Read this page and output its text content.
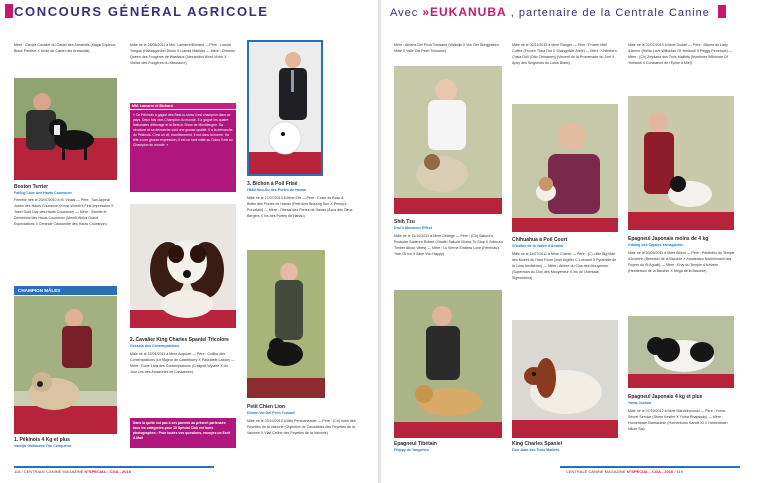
CONCOURS GÉNÉRAL AGRICOLE	Avec »EUKANUBA , partenaire de la Centrale Canine
Mère : Cleops Cavalier du Castel des Armandis (Magic Equinox Black Panther X Urbie du Castel des Armandis)
Boston Terrier
Falling Love des Hauts Couesnon
Femelle née le 20/07/2010 à M. Vinais — Père : San Appeal Junior des Hauts Couesnon (Kovic-Wondr's First Impression X Jubel Gold Day des Hauts Couesnon) — Mère : Sweilie et Demetrios des Hauts Couesnon (Merrill-Aloha Grand Expectations X Centrale Cassandre des Hauts Couesnon)
CHAMPION MÂLES
1. Pékinois 4 Kg et plus
Vandjiz Guillaume The Conqueror
Mâle né le 28/08/2011 à Mm. Lamarre/Bichard — Père : Lianda Yoegos (Habasgardon Deolo X Lianda Matilda) — Mère : Chinese Queen des Fougères de Wastiaux (Alexandroi Wont-Victor X Violice des Fougères du Minotaure)
MM. Lamarre et Bichard
« Ce Pékinois a gagné des Best-in-show il est champion dans ce pays. Deux fois vice-Champion du monde. Il a gagné les quatre Nationales d'élevage et la Best-in-Show de Montlieugne. Sa structure et sa démarche sont une grosse qualité. Il a la démarche du Pékinois. C'est un vif, excellemment, il est dans la bonne. Sa tête a une grosse expression, il est un seul mâle au Colos Il est au Champion du monde. »
2. Cavalier King Charles Spaniel Tricolore
Gessela des Contemplations
Mâle né le 22/01/2011 à Mme Acquiart — Père : Colline des Contemplations (Lit Majeur de Castelburry X Pascatele Lazole) — Mère : Dune Lara des Contemplations (Craignel Wylaire X Un Jour Les des Amazones de Cassandre)
Dans la quête est pas à ses parents au présent partenaire tous les catégories pour 10 Spécial Club est bons photographes : Pour toutes vos questions, envoyez un Ecrit A Mail
3. Bichon à Poil Frisé
I'Bâd-Nou-Su des Portes de Hanau
Mâle né le 17/07/2013 à Mme Efb — Père : Cosie du Bosc A Bottin des Portes de Hanau (Petit Anis Buzzing Sun X Penny's Porcelain) — Mère : Obesal des Portes de Hanau (Azoz des Deux Bergers X Iris des Portes de Hanau)
Petit Chien Lion
Diome-Vol Del Pech Toloane
Mâle né le 03/10/2013 à Mlle Perchaneader — Père : (Ch) Vobs des Feyettes de la Valonrie (Objective de Cavalabies des Feyettes de la Valonrie X Vlait Celine des Feyettes de la Valonrie)
118 / CENTRALE CANINE MAGAZINE N°SPÉCIAL - CGA - 2016
Mère : Athena Del Pech Tolosane (Wabolje Il Von Der Burggraben Mitte X Valle Del Pech Tolosane)
Shih Tzu
Drol's Monsieur Effect
Mâle né le 11/10/2013 à Mme Delarge — Père : (Ch) Sakura's Rockstar Saderen Robert (Vinalin Sakura Vivanz To Stop X Sakura's Timber About Vibes) — Mère : Lu Weme Endless Love (Feminas's Twin Of Ice X Aline Von Happy)
Epagneul Tibétain
Floppy de Yangchen
Mâle né le 02/11/2013 à Mme Rouger — Père : Frozen Mell Coffee (Frozen Thea Out X Shangotide Arele) — Mère : Ostrehe's China Doll (Otto Chinamex) (Vincent de la Promenade du Joel X Apsy des Seigneurs du Lotus Blanc)
Chihuahua à Poil Court
G'Isdore de la Vallée d'Amblin
Mâle né le 11/07/2011 à Mme Chanel — Père : (C) Little Big Man des Muses du Haut Fover (Irish Argiller C Lubnant X Pyramide de la Luna Amiltchino) — Mère : Ambre du Clos des Mouyeneur (Superman du Clos des Mouyeneur X Iris de l'Alerbala Signoridena)
King Charles Spaniel
Don Juan des Trois Maillets
Mâle né le 02/07/2013 à Mme Dodart — Père : Mlyma du Lady d'Armor (Hellia Love Wiltonian Of Yeelandi X Peggy-Penelope) — Mère : (Ch) Zeydana des Trois Maillets (Montimer Wiltonian Of Yeelandi X Constance de l'Epine à Miel)
Epagneul Japonais moins de 4 kg
Gibling des Cigales Yamaguchin
Mâle né le 30/09/2011 à Mme Bidrot — Père : Panthéris du Temple d'Aviverin (Benedict de la Bacchie X Amaterasu Nodchimanii des Foyers du St Agusti) — Mère : Ervy du Temple d'Aviverin (Henderson de la Bacchie X Mega de la Bacchie)
Epagneul Japonais 4 kg et plus
Yoma Joshua
Mâle né le 07/10/2012 à Mme Mardoincovski — Père : Yuma Secret Service (Storm Kestler X Yuma Rhapsody) — Mère : Hornentown Barnaclesh (Hornentown Kanoft-Ki X Hornentown Nikon Sai)
CENTRALE CANINE MAGAZINE N°SPÉCIAL - CGA - 2016 / 119
